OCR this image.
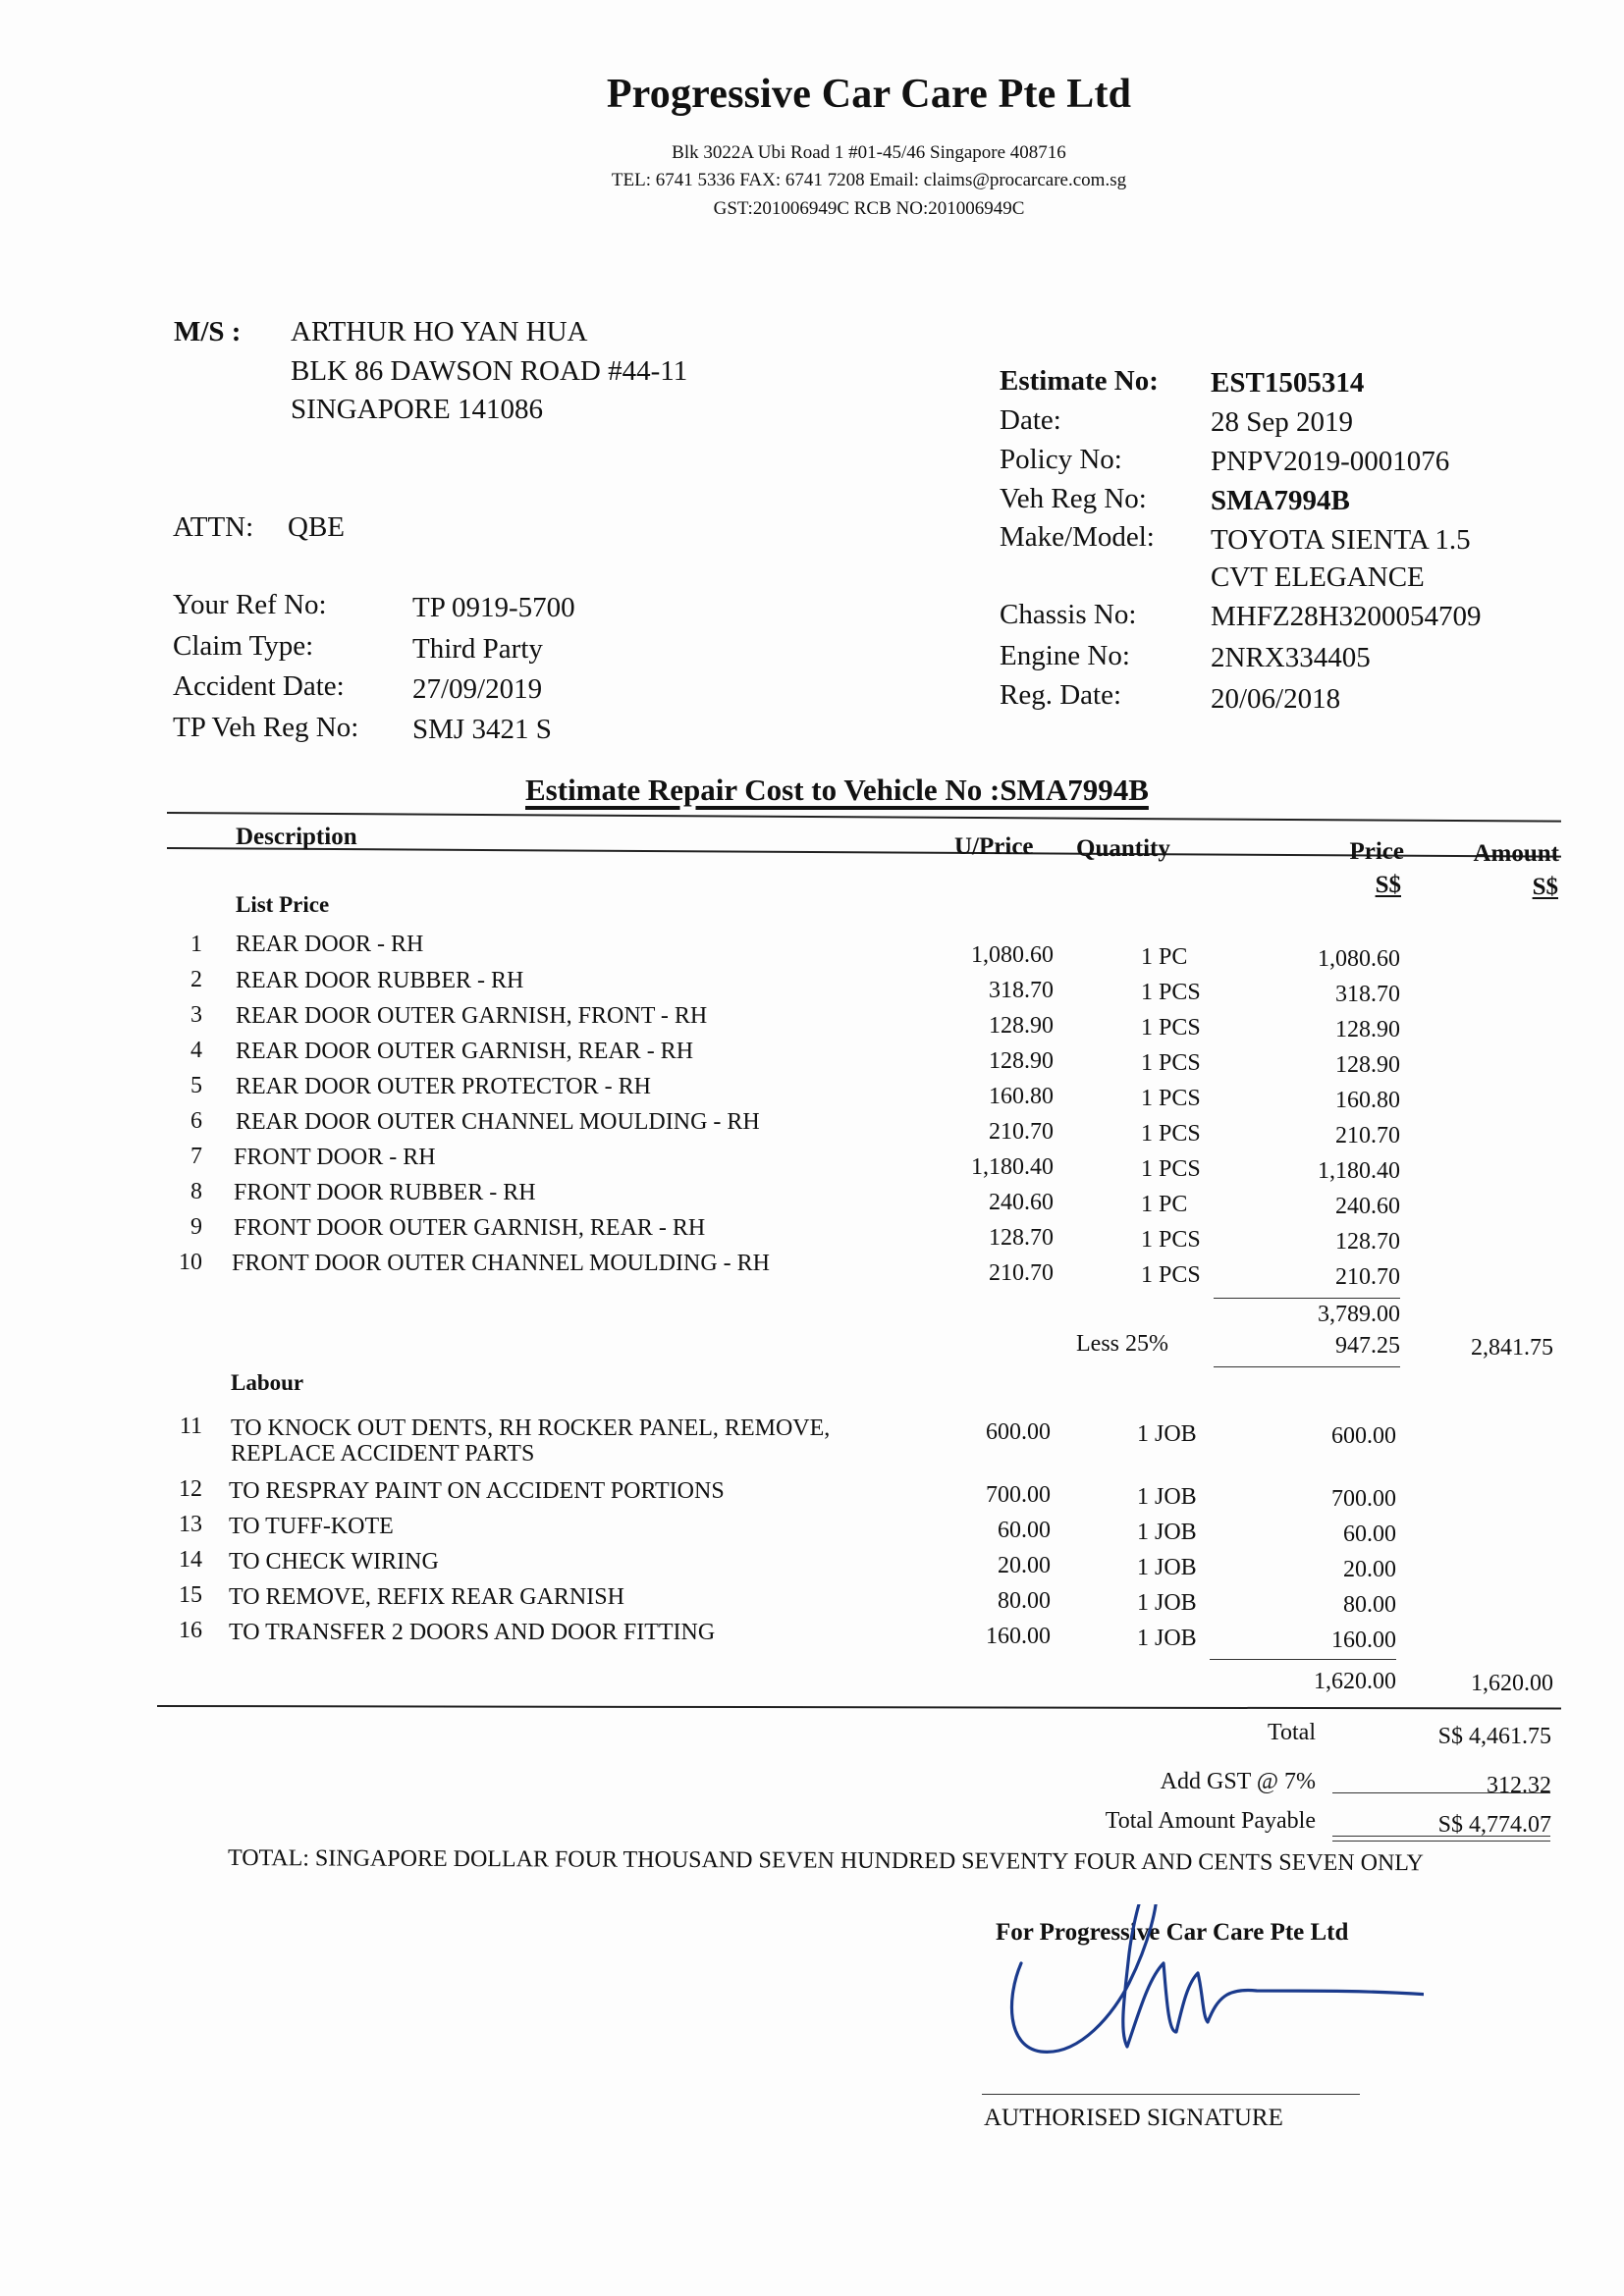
Progressive Car Care Pte Ltd
Blk 3022A Ubi Road 1 #01-45/46 Singapore 408716
TEL: 6741 5336 FAX: 6741 7208 Email: claims@procarcare.com.sg
GST:201006949C RCB NO:201006949C
M/S : ARTHUR HO YAN HUA
BLK 86 DAWSON ROAD #44-11
SINGAPORE 141086
ATTN: QBE
Your Ref No:	TP 0919-5700
Claim Type:	Third Party
Accident Date: 27/09/2019
TP Veh Reg No: SMJ 3421 S
Estimate No: EST1505314
Date:	28 Sep 2019
Policy No:	PNPV2019-0001076
Veh Reg No: SMA7994B
Make/Model: TOYOTA SIENTA 1.5
CVT ELEGANCE
Chassis No:	MHFZ28H3200054709
Engine No:	2NRX334405
Reg. Date:	20/06/2018
Estimate Repair Cost to Vehicle No :SMA7994B
Description	U/Price Quantity	Price	Amount
S$	S$
List Price
1 REAR DOOR - RH	1,080.60	1 PC	1,080.60
2 REAR DOOR RUBBER - RH	318.70	1 PCS	318.70
3 REAR DOOR OUTER GARNISH, FRONT - RH	128.90	1 PCS	128.90
4 REAR DOOR OUTER GARNISH, REAR - RH	128.90	1 PCS	128.90
5 REAR DOOR OUTER PROTECTOR - RH	160.80	1 PCS	160.80
6 REAR DOOR OUTER CHANNEL MOULDING - RH	210.70	1 PCS	210.70
7 FRONT DOOR - RH	1,180.40	1 PCS	1,180.40
8 FRONT DOOR RUBBER - RH	240.60	1 PC	240.60
9 FRONT DOOR OUTER GARNISH, REAR - RH	128.70	1 PCS	128.70
10 FRONT DOOR OUTER CHANNEL MOULDING - RH	210.70	1 PCS	210.70
3,789.00
Less 25%	947.25	2,841.75
Labour
11 TO KNOCK OUT DENTS, RH ROCKER PANEL, REMOVE,
REPLACE ACCIDENT PARTS
600.00	1 JOB	600.00
12 TO RESPRAY PAINT ON ACCIDENT PORTIONS	700.00	1 JOB	700.00
13 TO TUFF-KOTE	60.00	1 JOB	60.00
14 TO CHECK WIRING	20.00	1 JOB	20.00
15 TO REMOVE, REFIX REAR GARNISH	80.00	1 JOB	80.00
16 TO TRANSFER 2 DOORS AND DOOR FITTING	160.00	1 JOB	160.00
1,620.00	1,620.00
Total	S$ 4,461.75
Add GST @ 7%	312.32
Total Amount Payable	S$ 4,774.07
TOTAL: SINGAPORE DOLLAR FOUR THOUSAND SEVEN HUNDRED SEVENTY FOUR AND CENTS SEVEN ONLY
For Progressive Car Care Pte Ltd
AUTHORISED SIGNATURE
